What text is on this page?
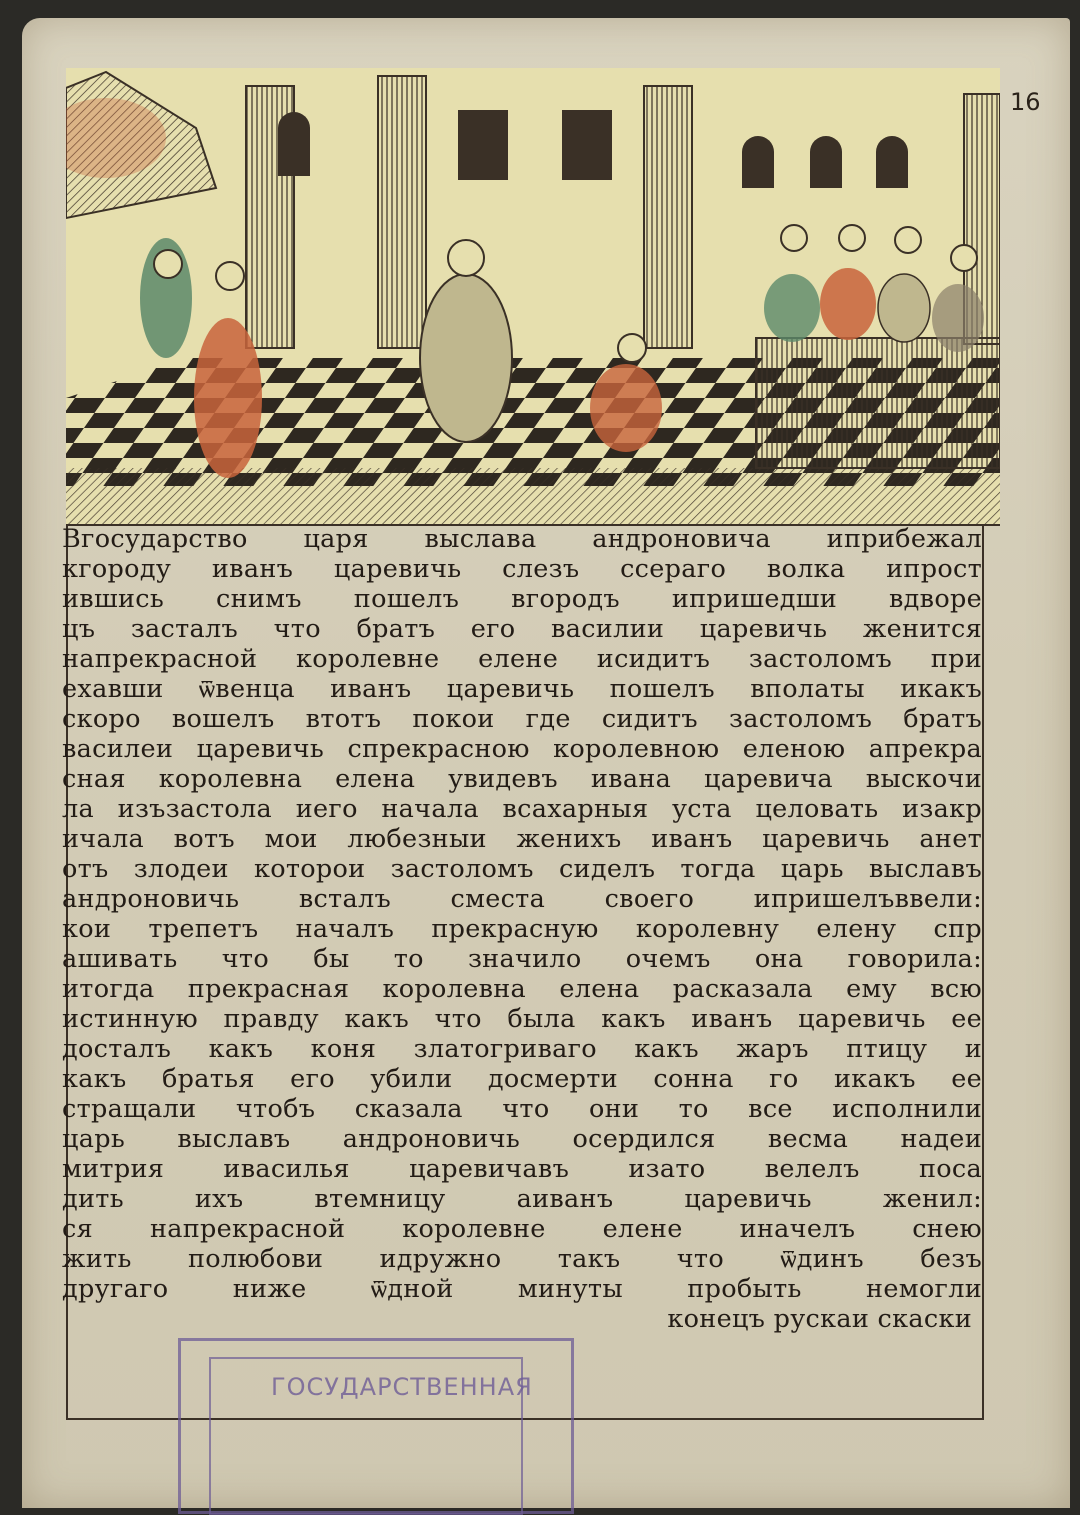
16
Вгосударство царя выслава андроновича иприбежал
кгороду иванъ царевичь слезъ ссераго волка ипрост
ившись снимъ пошелъ вгородъ ипришедши вдворе
цъ засталъ что братъ его василии царевичь женится
напрекрасной королевне елене исидитъ застоломъ при
ехавши ѿвенца иванъ царевичь пошелъ вполаты икакъ
скоро вошелъ втотъ покои где сидитъ застоломъ братъ
василеи царевичь спрекрасною королевною еленою апрекра
сная королевна елена увидевъ ивана царевича выскочи
ла изъзастола иего начала всахарныя уста целовать изакр
ичала вотъ мои любезныи женихъ иванъ царевичь анет
отъ злодеи которои застоломъ сиделъ тогда царь выславъ
андроновичь всталъ сместа своего ипришелъввели:
кои трепетъ началъ прекрасную королевну елену спр
ашивать что бы то значило очемъ она говорила:
итогда прекрасная королевна елена расказала ему всю
истинную правду какъ что была какъ иванъ царевичь ее
досталъ какъ коня златогриваго какъ жаръ птицу и
какъ братья его убили досмерти сонна го икакъ ее
стращали чтобъ сказала что они то все исполнили
царь выславъ андроновичь осердился весма надеи
митрия ивасилья царевичавъ изато велелъ поса
дить ихъ втемницу аиванъ царевичь женил:
ся напрекрасной королевне елене иначелъ снею
жить полюбови идружно такъ что ѿдинъ безъ
другаго ниже ѿдной минуты пробыть немогли
конецъ рускаи скаски
ГОСУДАРСТВЕННАЯ
